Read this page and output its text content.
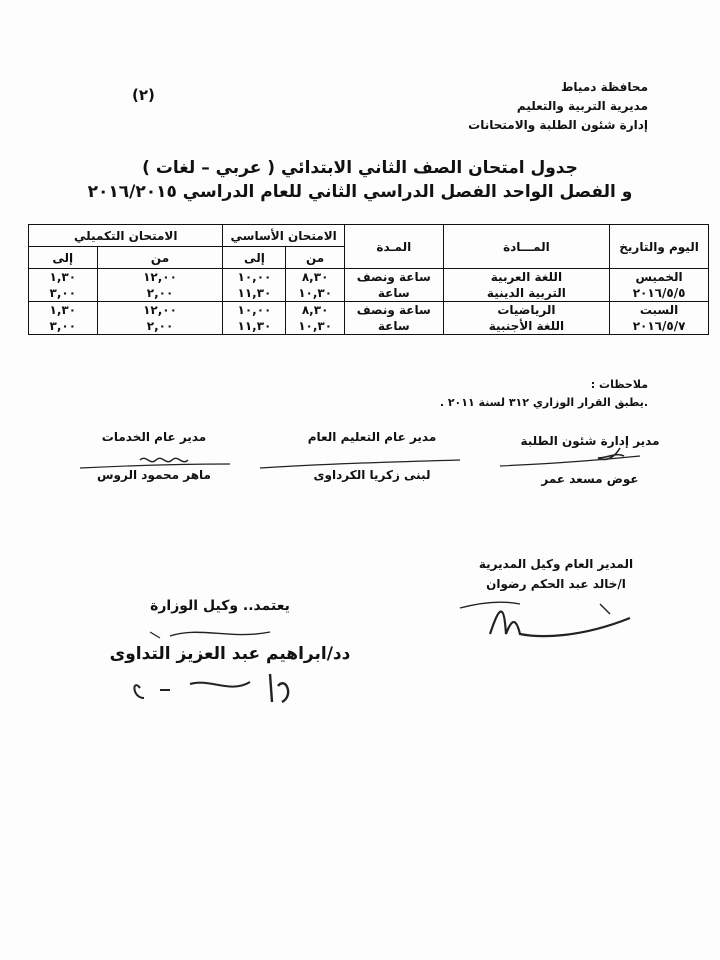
(٢)	محافظة دمياط
مديرية التربية والتعليم
إدارة شئون الطلبة والامتحانات
جدول امتحان الصف الثاني الابتدائي ( عربي – لغات )
و الفصل الواحد الفصل الدراسي الثاني للعام الدراسي ٢٠١٦/٢٠١٥
اليوم والتاريخ	المـــادة	المـدة	الامتحان الأساسي		الامتحان التكميلي	
			من	إلى	من	إلى
الخميس	اللغة العربية	ساعة ونصف	٨,٣٠	١٠,٠٠	١٢,٠٠	١,٣٠
٢٠١٦/٥/٥	التربية الدينية	ساعة	١٠,٣٠	١١,٣٠	٢,٠٠	٣,٠٠
السبت	الرياضيات	ساعة ونصف	٨,٣٠	١٠,٠٠	١٢,٠٠	١,٣٠
٢٠١٦/٥/٧	اللغة الأجنبية	ساعة	١٠,٣٠	١١,٣٠	٢,٠٠	٣,٠٠
ملاحظات :
.يطبق القرار الوزاري ٣١٢ لسنة ٢٠١١ .
مدير إدارة شئون الطلبة
عوض مسعد عمر
مدير عام التعليم العام
لبنى زكريا الكرداوى
مدير عام الخدمات
ماهر محمود الروس
المدير العام وكيل المديرية
ا/خالد عبد الحكم رضوان
يعتمد.. وكيل الوزارة
دد/ابراهيم عبد العزيز التداوى
